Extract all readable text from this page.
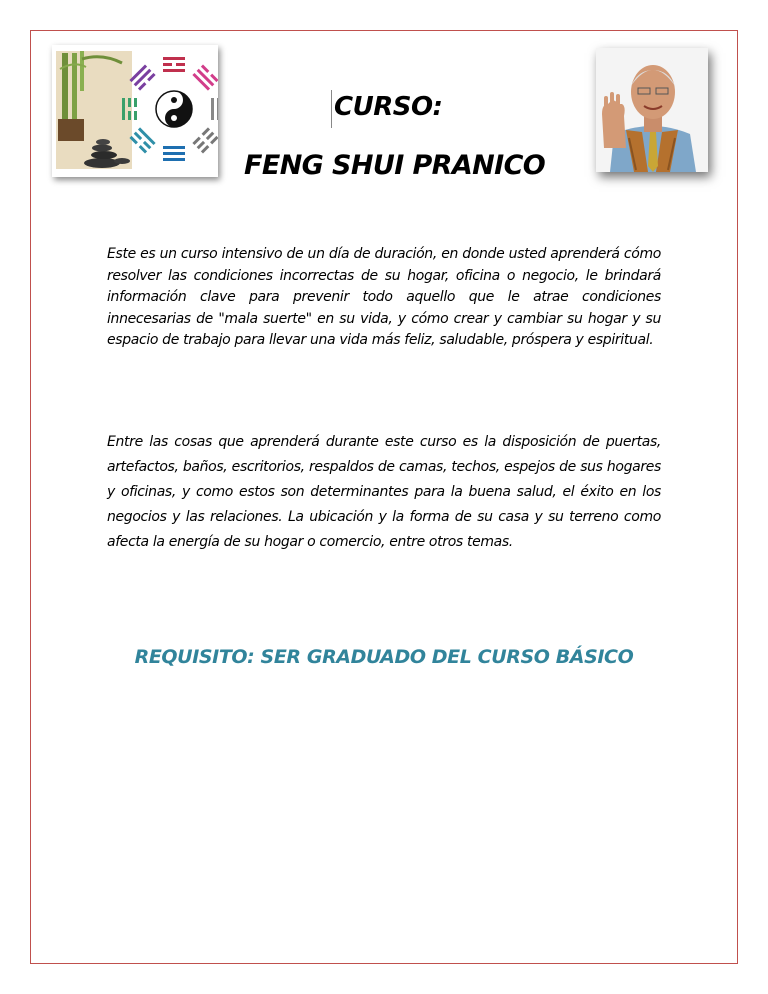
CURSO:
FENG SHUI PRANICO

Este es un curso intensivo de un día de duración, en donde usted aprenderá cómo resolver las condiciones incorrectas de su hogar, oficina o negocio, le brindará información clave para prevenir todo aquello que le atrae condiciones innecesarias de "mala suerte" en su vida, y cómo crear y cambiar su hogar y su espacio de trabajo para llevar una vida más feliz, saludable, próspera y espiritual.

Entre las cosas que aprenderá durante este curso es la disposición de puertas, artefactos, baños, escritorios, respaldos de camas, techos, espejos de sus hogares y oficinas, y como estos son determinantes para la buena salud, el éxito en los negocios y las relaciones. La ubicación y la forma de su casa y su terreno como afecta la energía de su hogar o comercio, entre otros temas.

REQUISITO: SER GRADUADO DEL CURSO BÁSICO
